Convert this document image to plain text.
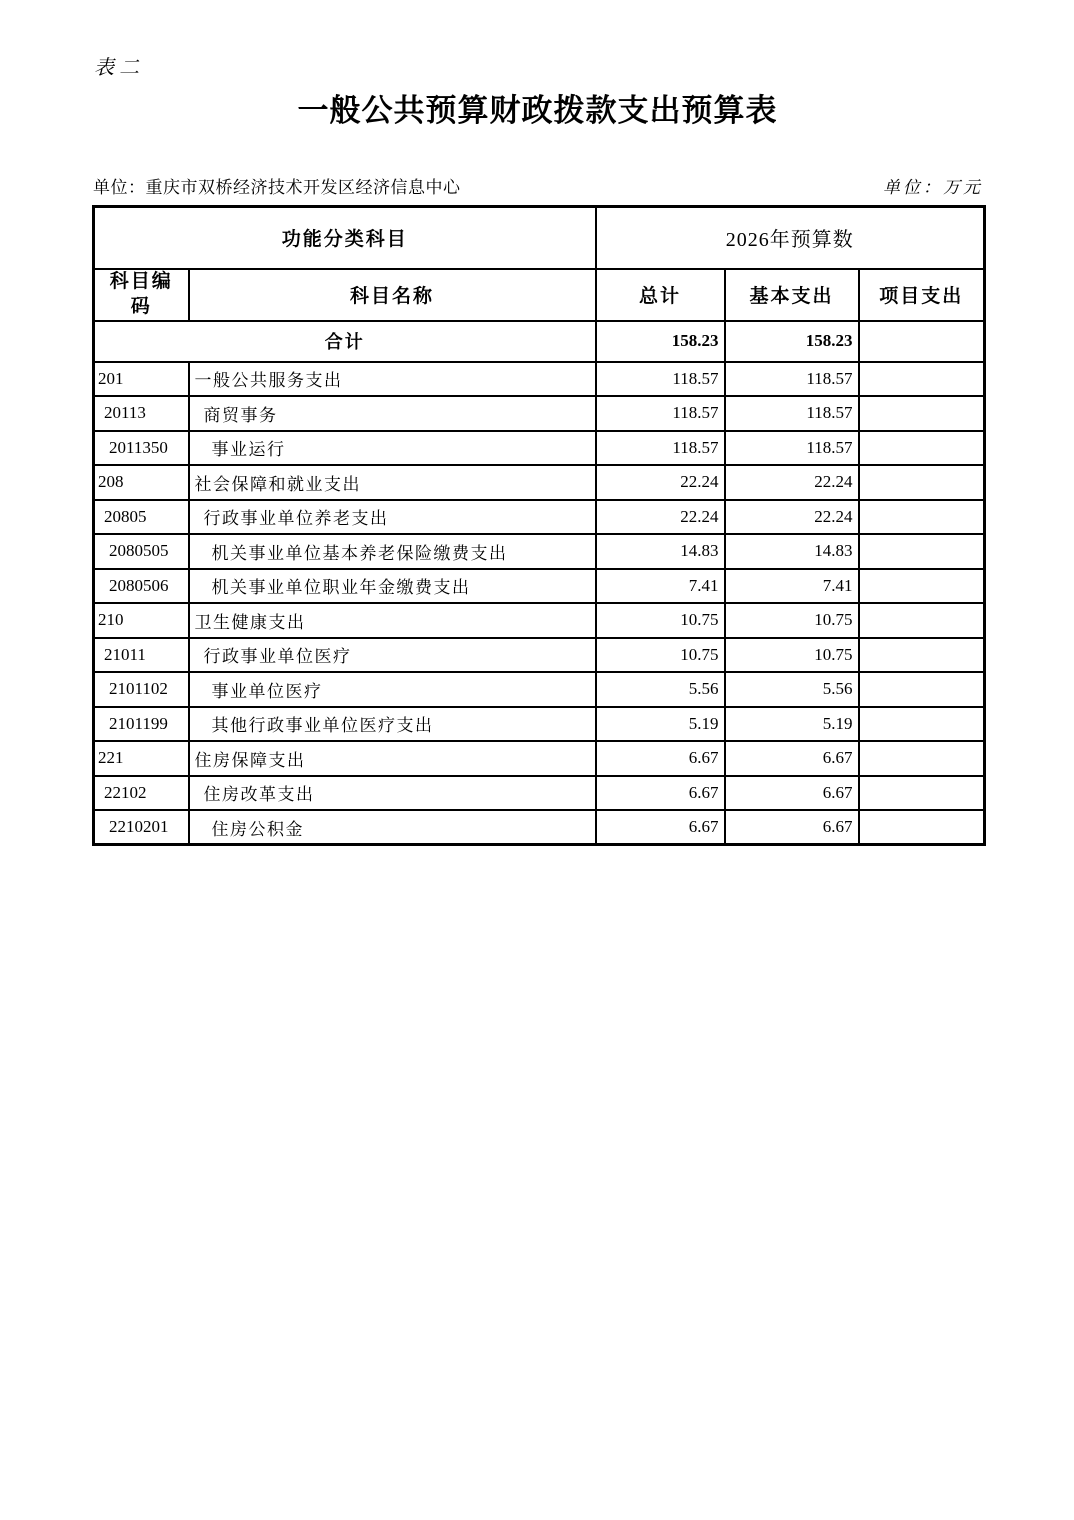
表二
一般公共预算财政拨款支出预算表
单位：重庆市双桥经济技术开发区经济信息中心	单位：万元
功能分类科目		2026年预算数		
科目编码	科目名称	总计	基本支出	项目支出
合计		158.23	158.23	
201	一般公共服务支出	118.57	118.57	
20113	商贸事务	118.57	118.57	
2011350	事业运行	118.57	118.57	
208	社会保障和就业支出	22.24	22.24	
20805	行政事业单位养老支出	22.24	22.24	
2080505	机关事业单位基本养老保险缴费支出	14.83	14.83	
2080506	机关事业单位职业年金缴费支出	7.41	7.41	
210	卫生健康支出	10.75	10.75	
21011	行政事业单位医疗	10.75	10.75	
2101102	事业单位医疗	5.56	5.56	
2101199	其他行政事业单位医疗支出	5.19	5.19	
221	住房保障支出	6.67	6.67	
22102	住房改革支出	6.67	6.67	
2210201	住房公积金	6.67	6.67	
